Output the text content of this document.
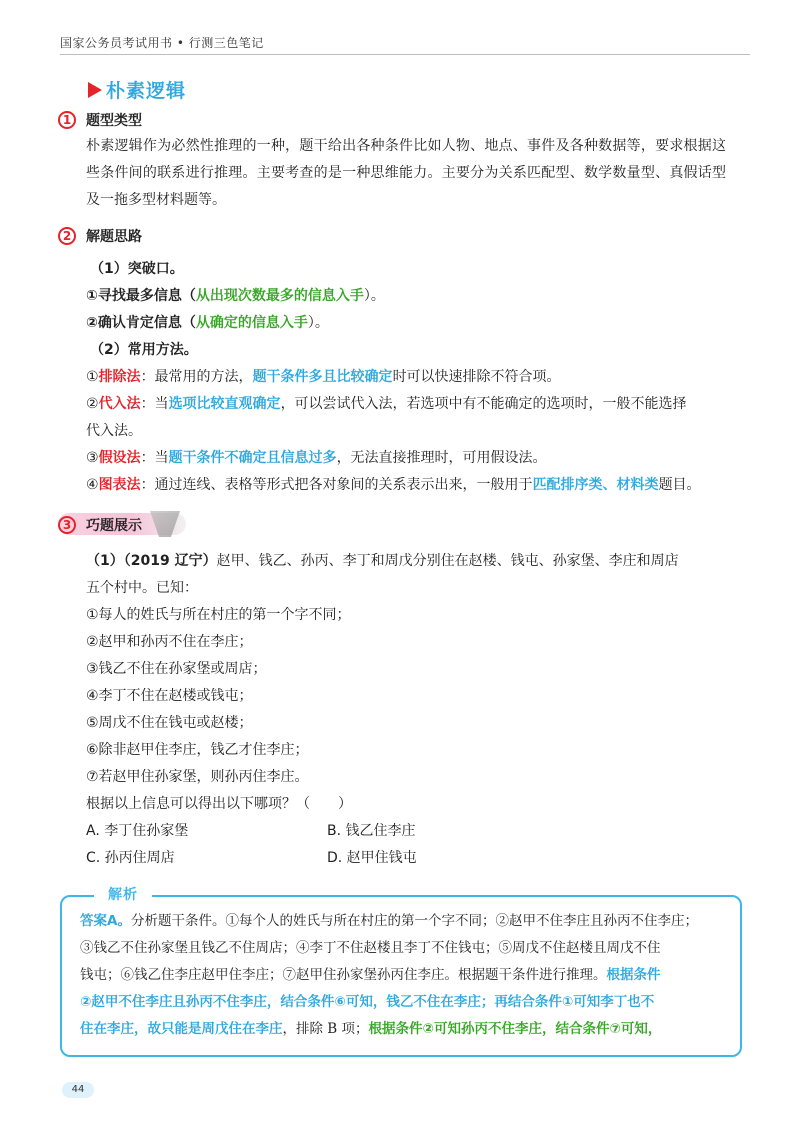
国家公务员考试用书 • 行测三色笔记
朴素逻辑
1	题型类型
朴素逻辑作为必然性推理的一种，题干给出各种条件比如人物、地点、事件及各种数据等，要求根据这些条件间的联系进行推理。主要考查的是一种思维能力。主要分为关系匹配型、数学数量型、真假话型及一拖多型材料题等。
2	解题思路
（1）突破口。
①寻找最多信息（从出现次数最多的信息入手）。
②确认肯定信息（从确定的信息入手）。
（2）常用方法。
①排除法：最常用的方法，题干条件多且比较确定时可以快速排除不符合项。
②代入法：当选项比较直观确定，可以尝试代入法，若选项中有不能确定的选项时，一般不能选择
代入法。
③假设法：当题干条件不确定且信息过多，无法直接推理时，可用假设法。
④图表法：通过连线、表格等形式把各对象间的关系表示出来，一般用于匹配排序类、材料类题目。
3	巧题展示
（1）（2019 辽宁）赵甲、钱乙、孙丙、李丁和周戊分别住在赵楼、钱屯、孙家堡、李庄和周店
五个村中。已知：
①每人的姓氏与所在村庄的第一个字不同；
②赵甲和孙丙不住在李庄；
③钱乙不住在孙家堡或周店；
④李丁不住在赵楼或钱屯；
⑤周戊不住在钱屯或赵楼；
⑥除非赵甲住李庄，钱乙才住李庄；
⑦若赵甲住孙家堡，则孙丙住李庄。
根据以上信息可以得出以下哪项？（　　）
A. 李丁住孙家堡	B. 钱乙住李庄
C. 孙丙住周店	D. 赵甲住钱屯
解析
答案A。分析题干条件。①每个人的姓氏与所在村庄的第一个字不同；②赵甲不住李庄且孙丙不住李庄；
③钱乙不住孙家堡且钱乙不住周店；④李丁不住赵楼且李丁不住钱屯；⑤周戊不住赵楼且周戊不住
钱屯；⑥钱乙住李庄赵甲住李庄；⑦赵甲住孙家堡孙丙住李庄。根据题干条件进行推理。根据条件
②赵甲不住李庄且孙丙不住李庄，结合条件⑥可知，钱乙不住在李庄；再结合条件①可知李丁也不
住在李庄，故只能是周戊住在李庄，排除 B 项；根据条件②可知孙丙不住李庄，结合条件⑦可知，
44
